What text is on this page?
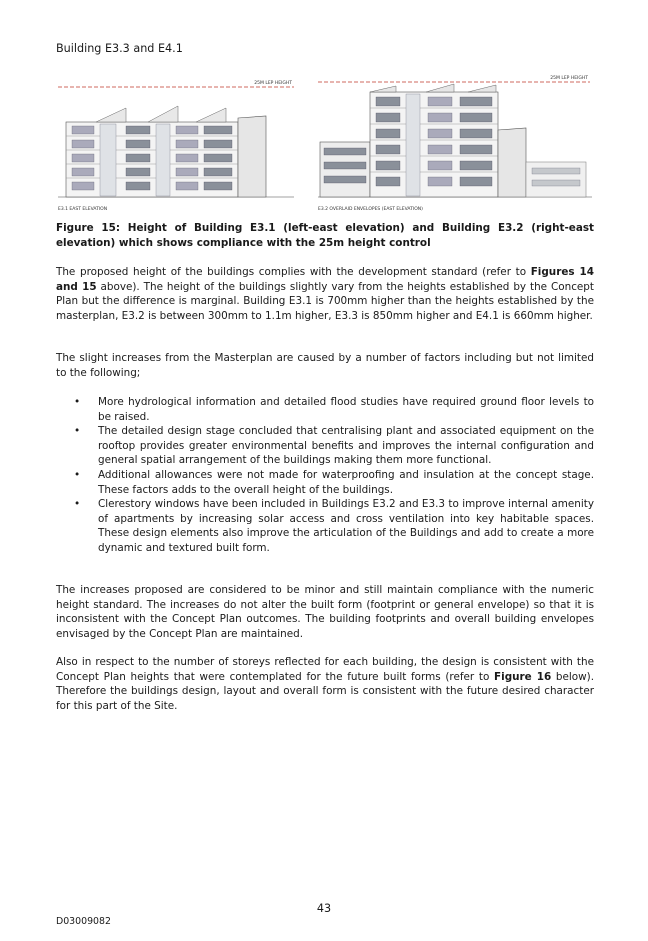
Building E3.3 and E4.1
25M LEP HEIGHT
E3.1 EAST ELEVATION
25M LEP HEIGHT
E3.2 OVERLAID ENVELOPES (EAST ELEVATION)
Figure 15: Height of Building E3.1 (left-east elevation) and Building E3.2 (right-east elevation) which shows compliance with the 25m height control

The proposed height of the buildings complies with the development standard (refer to Figures 14 and 15 above). The height of the buildings slightly vary from the heights established by the Concept Plan but the difference is marginal. Building E3.1 is 700mm higher than the heights established by the masterplan, E3.2 is between 300mm to 1.1m higher, E3.3 is 850mm higher and E4.1 is 660mm higher.

The slight increases from the Masterplan are caused by a number of factors including but not limited to the following;

• More hydrological information and detailed flood studies have required ground floor levels to be raised.
• The detailed design stage concluded that centralising plant and associated equipment on the rooftop provides greater environmental benefits and improves the internal configuration and general spatial arrangement of the buildings making them more functional.
• Additional allowances were not made for waterproofing and insulation at the concept stage. These factors adds to the overall height of the buildings.
• Clerestory windows have been included in Buildings E3.2 and E3.3 to improve internal amenity of apartments by increasing solar access and cross ventilation into key habitable spaces. These design elements also improve the articulation of the Buildings and add to create a more dynamic and textured built form.

The increases proposed are considered to be minor and still maintain compliance with the numeric height standard. The increases do not alter the built form (footprint or general envelope) so that it is inconsistent with the Concept Plan outcomes. The building footprints and overall building envelopes envisaged by the Concept Plan are maintained.

Also in respect to the number of storeys reflected for each building, the design is consistent with the Concept Plan heights that were contemplated for the future built forms (refer to Figure 16 below). Therefore the buildings design, layout and overall form is consistent with the future desired character for this part of the Site.

43
D03009082
